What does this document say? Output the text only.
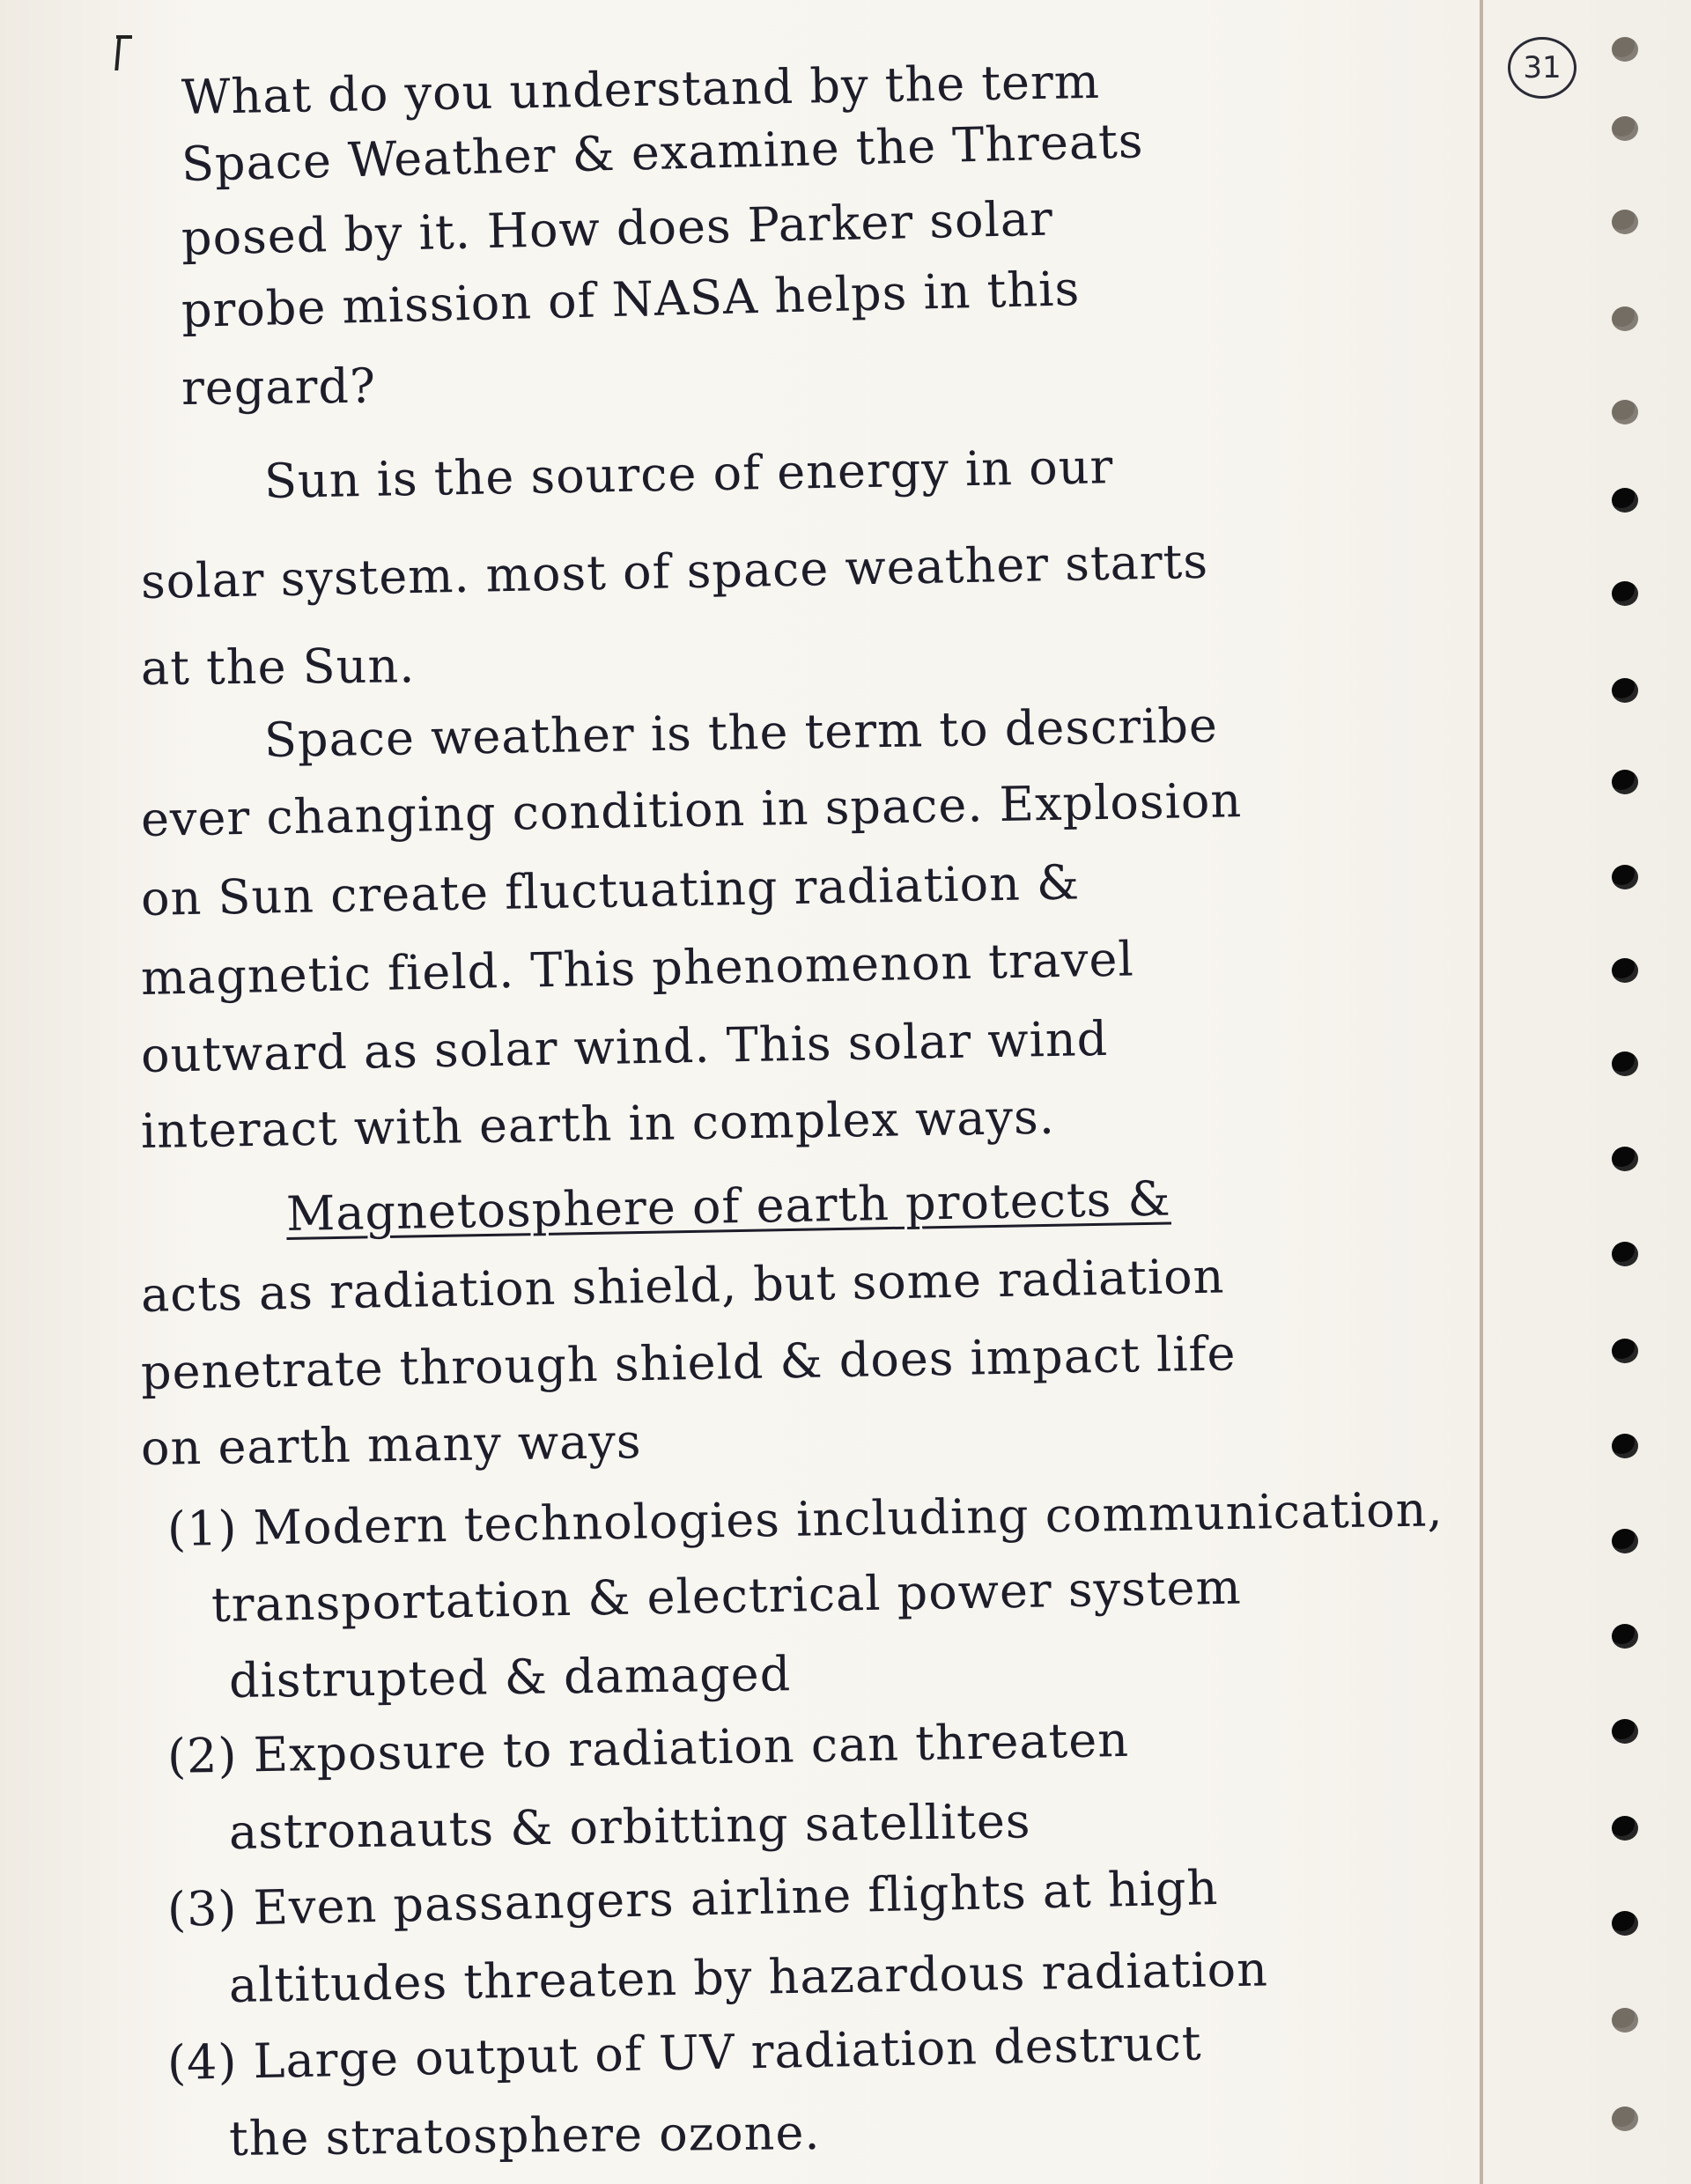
31
What do you understand by the term
Space Weather & examine the Threats
posed by it. How does Parker solar
probe mission of NASA helps in this
regard?
Sun is the source of energy in our
solar system. most of space weather starts
at the Sun.
Space weather is the term to describe
ever changing condition in space. Explosion
on Sun create fluctuating radiation &
magnetic field. This phenomenon travel
outward as solar wind. This solar wind
interact with earth in complex ways.
Magnetosphere of earth protects &
acts as radiation shield, but some radiation
penetrate through shield & does impact life
on earth many ways
(1) Modern technologies including communication,
transportation & electrical power system
distrupted & damaged
(2) Exposure to radiation can threaten
astronauts & orbitting satellites
(3) Even passangers airline flights at high
altitudes threaten by hazardous radiation
(4) Large output of UV radiation destruct
the stratosphere ozone.
